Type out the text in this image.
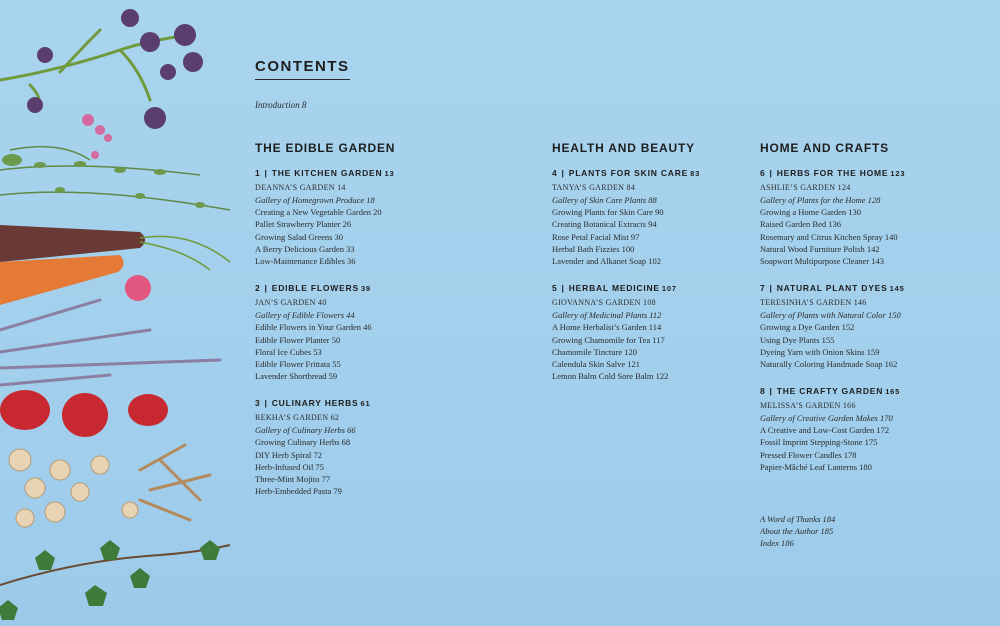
CONTENTS
Introduction 8
THE EDIBLE GARDEN
1 | THE KITCHEN GARDEN 13
DEANNA’S GARDEN 14
Gallery of Homegrown Produce 18
Creating a New Vegetable Garden 20
Pallet Strawberry Planter 26
Growing Salad Greens 30
A Berry Delicious Garden 33
Low-Maintenance Edibles 36
2 | EDIBLE FLOWERS 39
JAN’S GARDEN 40
Gallery of Edible Flowers 44
Edible Flowers in Your Garden 46
Edible Flower Planter 50
Floral Ice Cubes 53
Edible Flower Frittata 55
Lavender Shortbread 59
3 | CULINARY HERBS 61
REKHA’S GARDEN 62
Gallery of Culinary Herbs 66
Growing Culinary Herbs 68
DIY Herb Spiral 72
Herb-Infused Oil 75
Three-Mint Mojito 77
Herb-Embedded Pasta 79
HEALTH AND BEAUTY
4 | PLANTS FOR SKIN CARE 83
TANYA’S GARDEN 84
Gallery of Skin Care Plants 88
Growing Plants for Skin Care 90
Creating Botanical Extracts 94
Rose Petal Facial Mist 97
Herbal Bath Fizzies 100
Lavender and Alkanet Soap 102
5 | HERBAL MEDICINE 107
GIOVANNA’S GARDEN 108
Gallery of Medicinal Plants 112
A Home Herbalist’s Garden 114
Growing Chamomile for Tea 117
Chamomile Tincture 120
Calendula Skin Salve 121
Lemon Balm Cold Sore Balm 122
HOME AND CRAFTS
6 | HERBS FOR THE HOME 123
ASHLIE’S GARDEN 124
Gallery of Plants for the Home 128
Growing a Home Garden 130
Raised Garden Bed 136
Rosemary and Citrus Kitchen Spray 140
Natural Wood Furniture Polish 142
Soapwort Multipurpose Cleaner 143
7 | NATURAL PLANT DYES 145
TERESINHA’S GARDEN 146
Gallery of Plants with Natural Color 150
Growing a Dye Garden 152
Using Dye Plants 155
Dyeing Yarn with Onion Skins 159
Naturally Coloring Handmade Soap 162
8 | THE CRAFTY GARDEN 165
MELISSA’S GARDEN 166
Gallery of Creative Garden Makes 170
A Creative and Low-Cost Garden 172
Fossil Imprint Stepping-Stone 175
Pressed Flower Candles 178
Papier-Mâché Leaf Lanterns 180
A Word of Thanks 184
About the Author 185
Index 186
